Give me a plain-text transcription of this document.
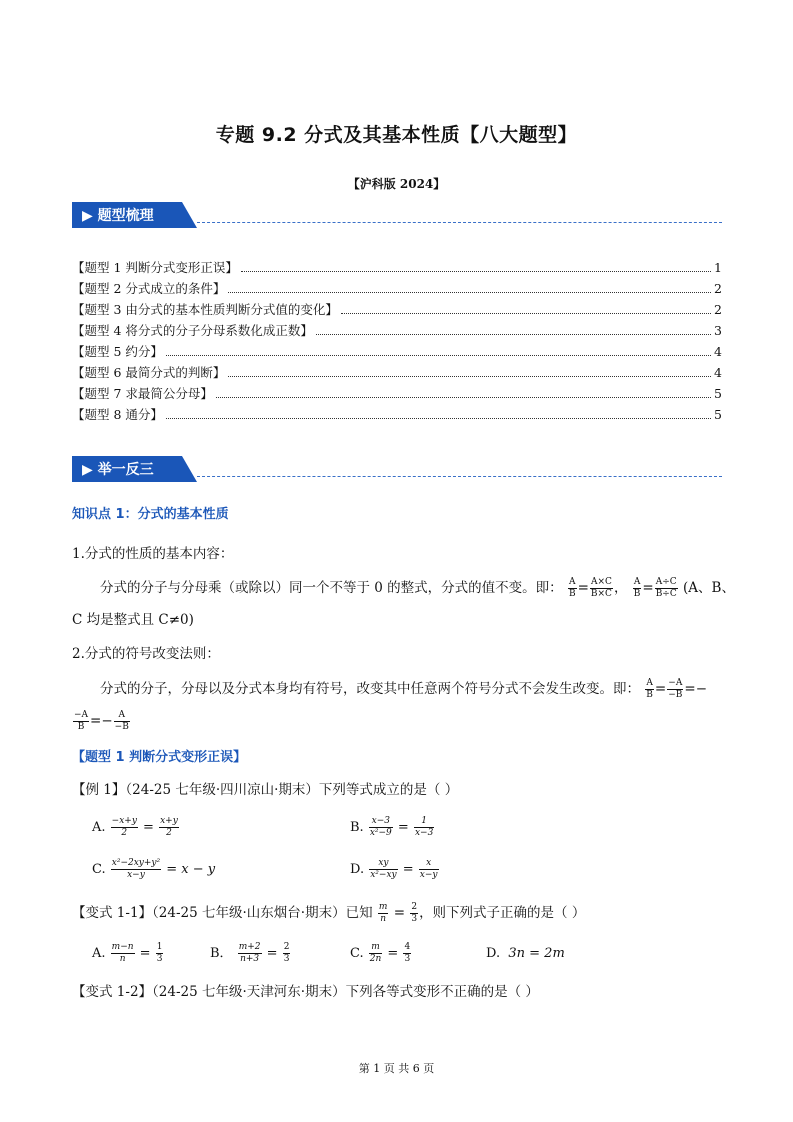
专题 9.2 分式及其基本性质【八大题型】
【沪科版 2024】
▶ 题型梳理
【题型 1 判断分式变形正误】	1
【题型 2 分式成立的条件】	2
【题型 3 由分式的基本性质判断分式值的变化】	2
【题型 4 将分式的分子分母系数化成正数】	3
【题型 5 约分】	4
【题型 6 最简分式的判断】	4
【题型 7 求最简公分母】	5
【题型 8 通分】	5
▶ 举一反三
知识点 1：分式的基本性质
1.分式的性质的基本内容：
分式的分子与分母乘（或除以）同一个不等于 0 的整式，分式的值不变。即： $\frac{A}{B} = \frac{A\times C}{B\times C}$ ， $\frac{A}{B} = \frac{A\div C}{B\div C} (A$、B、
C 均是整式且 C≠0)
2.分式的符号改变法则：
分式的分子，分母以及分式本身均有符号，改变其中任意两个符号分式不会发生改变。即： $\frac{A}{B} = \frac{-A}{-B}$ =−
$\frac{-A}{B} =- \frac{A}{-B}$
【题型 1 判断分式变形正误】
【例 1】（24-25 七年级·四川凉山·期末）下列等式成立的是（ ）
A. $\frac{-x+y}{2} = \frac{x+y}{2}$	B. $\frac{x-3}{\text{x²−9}} = \frac{1}{x-3}$
C. $\frac{\text{x²−2xy+y²}}{x-y} = x - y$	D. $\frac{xy}{\text{x²−xy}} = \frac{x}{x-y}$
【变式 1-1】（24-25 七年级·山东烟台·期末）已知 $\frac{m}{n} = \frac{2}{3}$ ，则下列式子正确的是（ ）
A. $\frac{m-n}{n} = \frac{1}{3}$	B． $\frac{m+2}{n+3} = \frac{2}{3}$	C. $\frac{m}{2n} = \frac{4}{3}$	D.  3n = 2m
【变式 1-2】（24-25 七年级·天津河东·期末）下列各等式变形不正确的是（ ）
第 1 页 共 6 页
